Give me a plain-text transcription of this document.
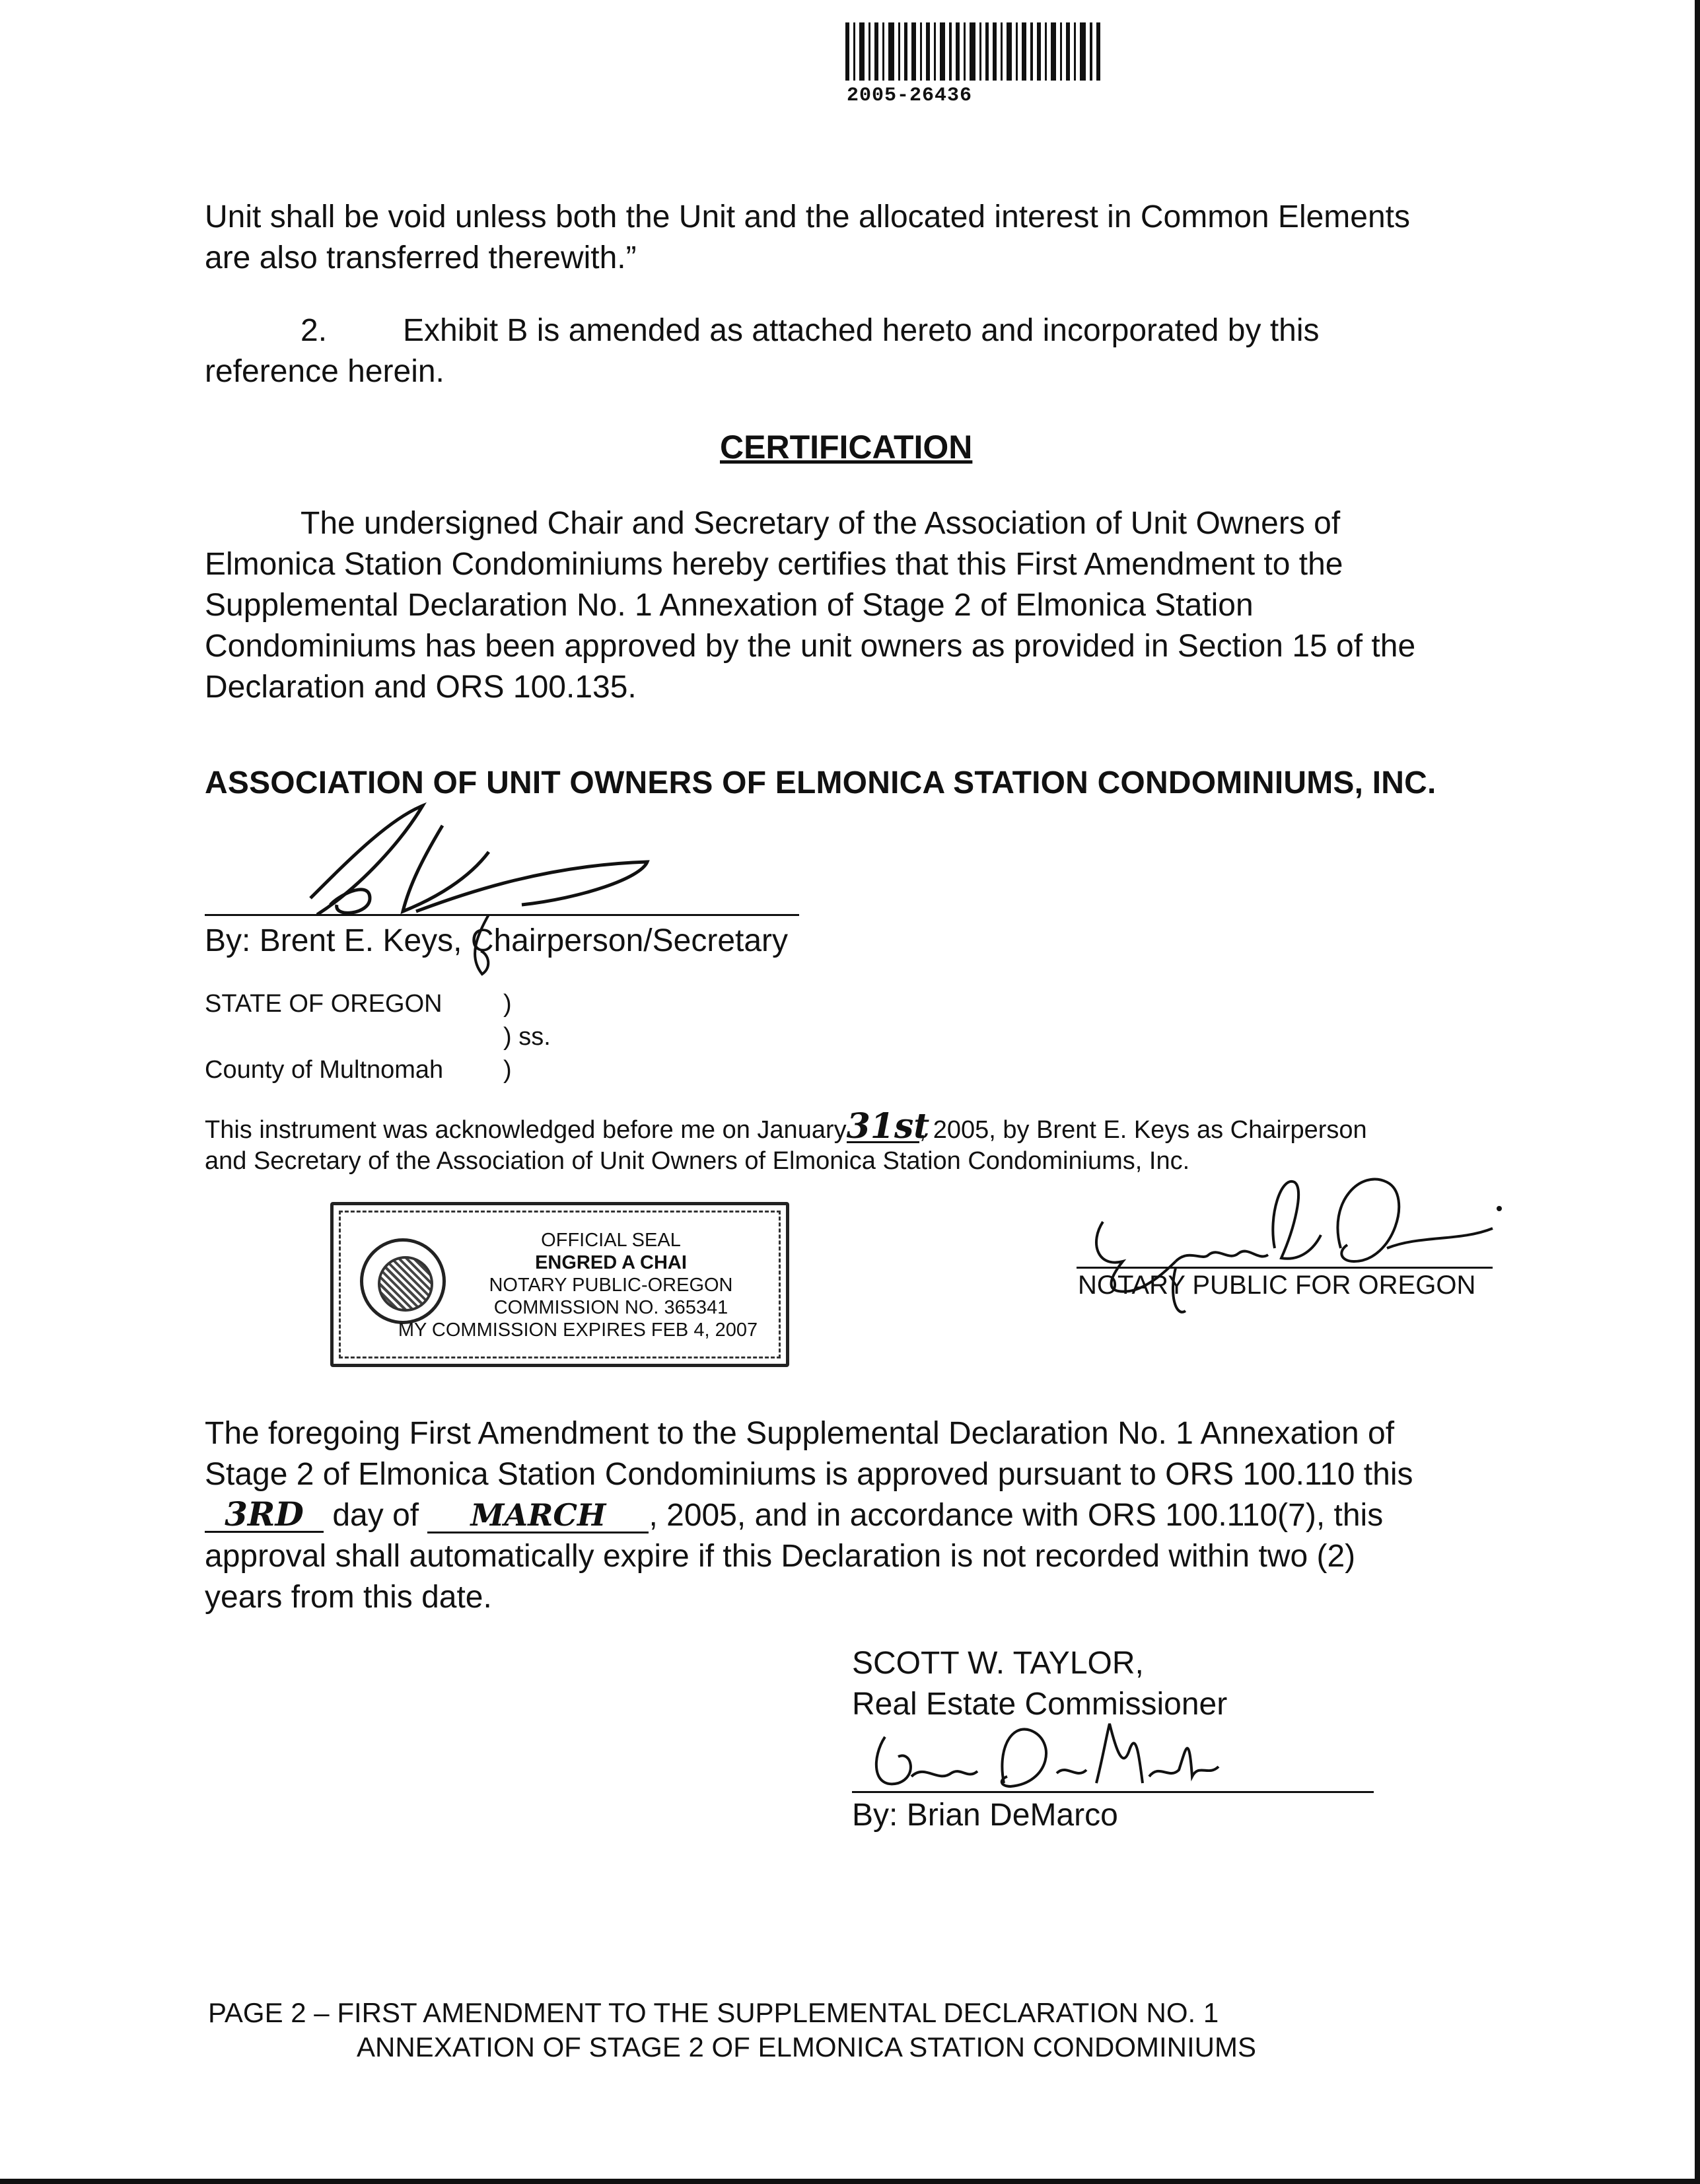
2005-26436
Unit shall be void unless both the Unit and the allocated interest in Common Elements
are also transferred therewith.”
2. Exhibit B is amended as attached hereto and incorporated by this
reference herein.
CERTIFICATION
The undersigned Chair and Secretary of the Association of Unit Owners of
Elmonica Station Condominiums hereby certifies that this First Amendment to the
Supplemental Declaration No. 1 Annexation of Stage 2 of Elmonica Station
Condominiums has been approved by the unit owners as provided in Section 15 of the
Declaration and ORS 100.135.
ASSOCIATION OF UNIT OWNERS OF ELMONICA STATION CONDOMINIUMS, INC.
By: Brent E. Keys, Chairperson/Secretary
STATE OF OREGON )
) ss.
County of Multnomah )
This instrument was acknowledged before me on January31st, 2005, by Brent E. Keys as Chairperson
and Secretary of the Association of Unit Owners of Elmonica Station Condominiums, Inc.
OFFICIAL SEAL
ENGRED A CHAI
NOTARY PUBLIC-OREGON
COMMISSION NO. 365341
MY COMMISSION EXPIRES FEB 4, 2007
NOTARY PUBLIC FOR OREGON
The foregoing First Amendment to the Supplemental Declaration No. 1 Annexation of
Stage 2 of Elmonica Station Condominiums is approved pursuant to ORS 100.110 this
3RD day of MARCH , 2005, and in accordance with ORS 100.110(7), this
approval shall automatically expire if this Declaration is not recorded within two (2)
years from this date.
SCOTT W. TAYLOR,
Real Estate Commissioner
By: Brian DeMarco
PAGE 2 – FIRST AMENDMENT TO THE SUPPLEMENTAL DECLARATION NO. 1
ANNEXATION OF STAGE 2 OF ELMONICA STATION CONDOMINIUMS
